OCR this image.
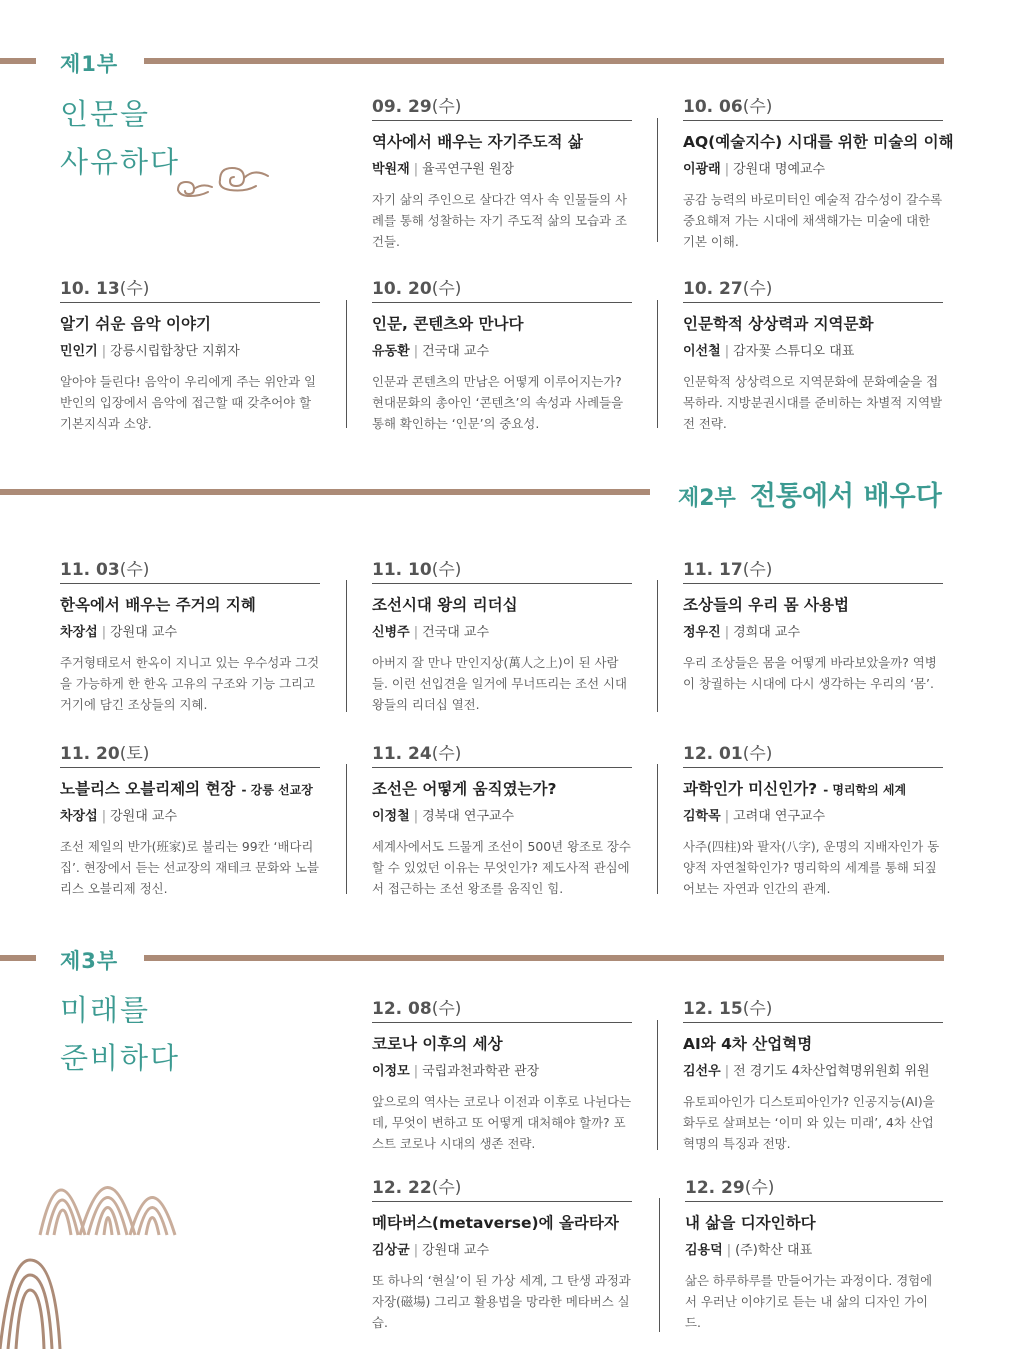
제1부
인문을
사유하다
09. 29(수)
역사에서 배우는 자기주도적 삶
박원재 | 율곡연구원 원장
자기 삶의 주인으로 살다간 역사 속 인물들의 사례를 통해 성찰하는 자기 주도적 삶의 모습과 조건들.
10. 06(수)
AQ(예술지수) 시대를 위한 미술의 이해
이광래 | 강원대 명예교수
공감 능력의 바로미터인 예술적 감수성이 갈수록 중요해져 가는 시대에 채색해가는 미술에 대한 기본 이해.
10. 13(수)
알기 쉬운 음악 이야기
민인기 | 강릉시립합창단 지휘자
알아야 들린다! 음악이 우리에게 주는 위안과 일반인의 입장에서 음악에 접근할 때 갖추어야 할 기본지식과 소양.
10. 20(수)
인문, 콘텐츠와 만나다
유동환 | 건국대 교수
인문과 콘텐츠의 만남은 어떻게 이루어지는가? 현대문화의 총아인 ‘콘텐츠’의 속성과 사례들을 통해 확인하는 ‘인문’의 중요성.
10. 27(수)
인문학적 상상력과 지역문화
이선철 | 감자꽃 스튜디오 대표
인문학적 상상력으로 지역문화에 문화예술을 접목하라. 지방분권시대를 준비하는 차별적 지역발전 전략.
제2부 전통에서 배우다
11. 03(수)
한옥에서 배우는 주거의 지혜
차장섭 | 강원대 교수
주거형태로서 한옥이 지니고 있는 우수성과 그것을 가능하게 한 한옥 고유의 구조와 기능 그리고 거기에 담긴 조상들의 지혜.
11. 10(수)
조선시대 왕의 리더십
신병주 | 건국대 교수
아버지 잘 만나 만인지상(萬人之上)이 된 사람들. 이런 선입견을 일거에 무너뜨리는 조선 시대 왕들의 리더십 열전.
11. 17(수)
조상들의 우리 몸 사용법
정우진 | 경희대 교수
우리 조상들은 몸을 어떻게 바라보았을까? 역병이 창궐하는 시대에 다시 생각하는 우리의 ‘몸’.
11. 20(토)
노블리스 오블리제의 현장 - 강릉 선교장
차장섭 | 강원대 교수
조선 제일의 반가(班家)로 불리는 99칸 ‘배다리집’. 현장에서 듣는 선교장의 재테크 문화와 노블리스 오블리제 정신.
11. 24(수)
조선은 어떻게 움직였는가?
이정철 | 경북대 연구교수
세계사에서도 드물게 조선이 500년 왕조로 장수할 수 있었던 이유는 무엇인가? 제도사적 관심에서 접근하는 조선 왕조를 움직인 힘.
12. 01(수)
과학인가 미신인가? - 명리학의 세계
김학목 | 고려대 연구교수
사주(四柱)와 팔자(八字), 운명의 지배자인가 동양적 자연철학인가? 명리학의 세계를 통해 되짚어보는 자연과 인간의 관계.
제3부
미래를
준비하다
12. 08(수)
코로나 이후의 세상
이정모 | 국립과천과학관 관장
앞으로의 역사는 코로나 이전과 이후로 나뉜다는데, 무엇이 변하고 또 어떻게 대처해야 할까? 포스트 코로나 시대의 생존 전략.
12. 15(수)
AI와 4차 산업혁명
김선우 | 전 경기도 4차산업혁명위원회 위원
유토피아인가 디스토피아인가? 인공지능(AI)을 화두로 살펴보는 ‘이미 와 있는 미래’, 4차 산업혁명의 특징과 전망.
12. 22(수)
메타버스(metaverse)에 올라타자
김상균 | 강원대 교수
또 하나의 ‘현실’이 된 가상 세계, 그 탄생 과정과 자장(磁場) 그리고 활용법을 망라한 메타버스 실습.
12. 29(수)
내 삶을 디자인하다
김용덕 | (주)학산 대표
삶은 하루하루를 만들어가는 과정이다. 경험에서 우러난 이야기로 듣는 내 삶의 디자인 가이드.
